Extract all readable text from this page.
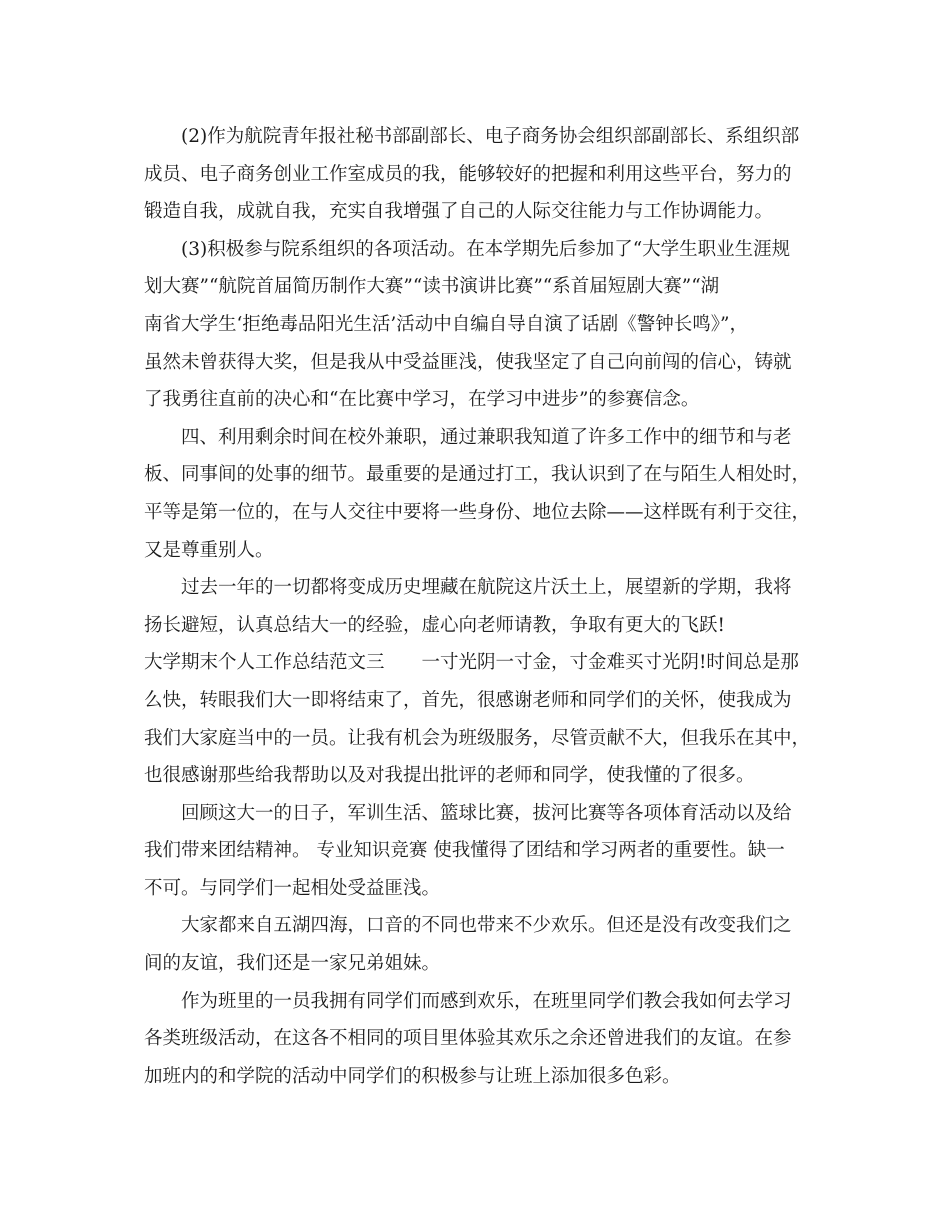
(2)作为航院青年报社秘书部副部长、电子商务协会组织部副部长、系组织部
成员、电子商务创业工作室成员的我，能够较好的把握和利用这些平台，努力的
锻造自我，成就自我，充实自我增强了自己的人际交往能力与工作协调能力。
(3)积极参与院系组织的各项活动。在本学期先后参加了“大学生职业生涯规
划大赛”“航院首届简历制作大赛”“读书演讲比赛”“系首届短剧大赛”“湖
南省大学生‘拒绝毒品阳光生活’活动中自编自导自演了话剧《警钟长鸣》”，
虽然未曾获得大奖，但是我从中受益匪浅，使我坚定了自己向前闯的信心，铸就
了我勇往直前的决心和“在比赛中学习，在学习中进步”的参赛信念。
四、利用剩余时间在校外兼职，通过兼职我知道了许多工作中的细节和与老
板、同事间的处事的细节。最重要的是通过打工，我认识到了在与陌生人相处时，
平等是第一位的，在与人交往中要将一些身份、地位去除——这样既有利于交往，
又是尊重别人。
过去一年的一切都将变成历史埋藏在航院这片沃土上，展望新的学期，我将
扬长避短，认真总结大一的经验，虚心向老师请教，争取有更大的飞跃!
大学期末个人工作总结范文三　　一寸光阴一寸金，寸金难买寸光阴!时间总是那
么快，转眼我们大一即将结束了，首先，很感谢老师和同学们的关怀，使我成为
我们大家庭当中的一员。让我有机会为班级服务，尽管贡献不大，但我乐在其中，
也很感谢那些给我帮助以及对我提出批评的老师和同学，使我懂的了很多。
回顾这大一的日子，军训生活、篮球比赛，拔河比赛等各项体育活动以及给
我们带来团结精神。 专业知识竞赛 使我懂得了团结和学习两者的重要性。缺一
不可。与同学们一起相处受益匪浅。
大家都来自五湖四海，口音的不同也带来不少欢乐。但还是没有改变我们之
间的友谊，我们还是一家兄弟姐妹。
作为班里的一员我拥有同学们而感到欢乐，在班里同学们教会我如何去学习
各类班级活动，在这各不相同的项目里体验其欢乐之余还曾进我们的友谊。在参
加班内的和学院的活动中同学们的积极参与让班上添加很多色彩。
